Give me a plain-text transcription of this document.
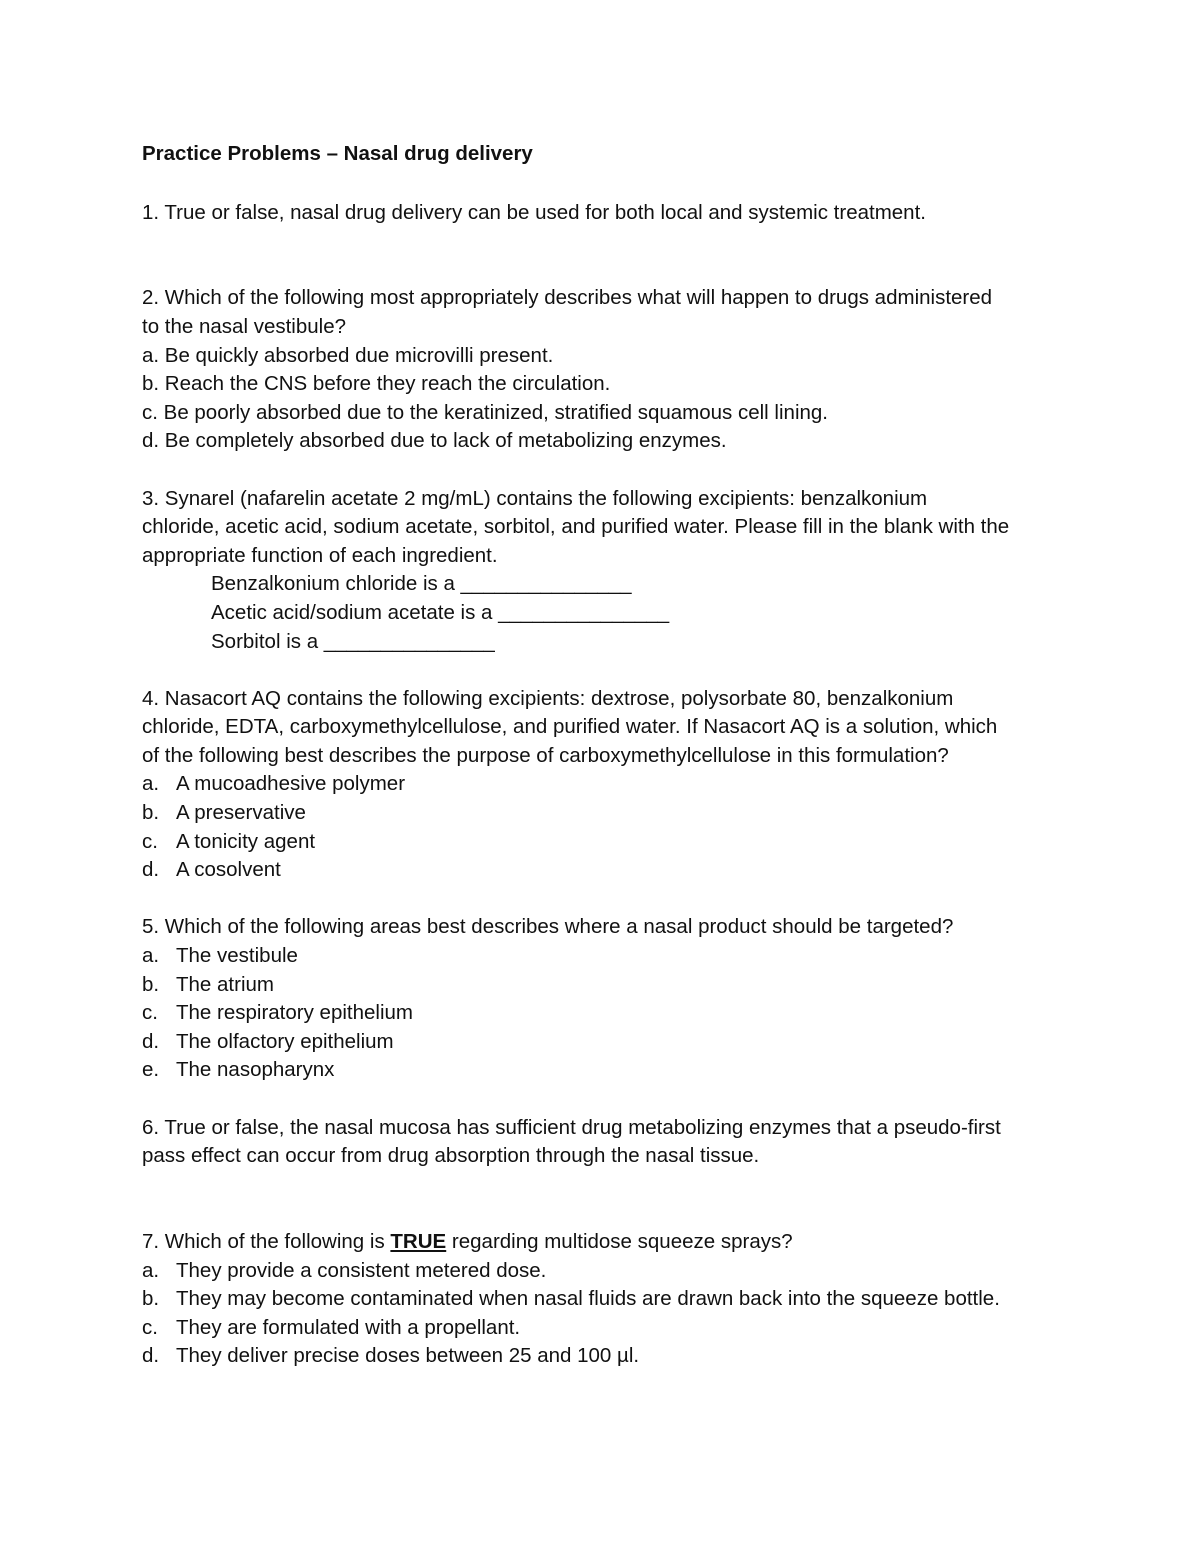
Practice Problems – Nasal drug delivery
1. True or false, nasal drug delivery can be used for both local and systemic treatment.
2. Which of the following most appropriately describes what will happen to drugs administered
to the nasal vestibule?
a. Be quickly absorbed due microvilli present.
b. Reach the CNS before they reach the circulation.
c. Be poorly absorbed due to the keratinized, stratified squamous cell lining.
d. Be completely absorbed due to lack of metabolizing enzymes.
3. Synarel (nafarelin acetate 2 mg/mL) contains the following excipients: benzalkonium
chloride, acetic acid, sodium acetate, sorbitol, and purified water. Please fill in the blank with the
appropriate function of each ingredient.
Benzalkonium chloride is a _______________
Acetic acid/sodium acetate is a _______________
Sorbitol is a _______________
4. Nasacort AQ contains the following excipients: dextrose, polysorbate 80, benzalkonium
chloride, EDTA, carboxymethylcellulose, and purified water. If Nasacort AQ is a solution, which
of the following best describes the purpose of carboxymethylcellulose in this formulation?
a. A mucoadhesive polymer
b. A preservative
c. A tonicity agent
d. A cosolvent
5. Which of the following areas best describes where a nasal product should be targeted?
a. The vestibule
b. The atrium
c. The respiratory epithelium
d. The olfactory epithelium
e. The nasopharynx
6. True or false, the nasal mucosa has sufficient drug metabolizing enzymes that a pseudo-first
pass effect can occur from drug absorption through the nasal tissue.
7. Which of the following is TRUE regarding multidose squeeze sprays?
a. They provide a consistent metered dose.
b. They may become contaminated when nasal fluids are drawn back into the squeeze bottle.
c. They are formulated with a propellant.
d. They deliver precise doses between 25 and 100 µl.
